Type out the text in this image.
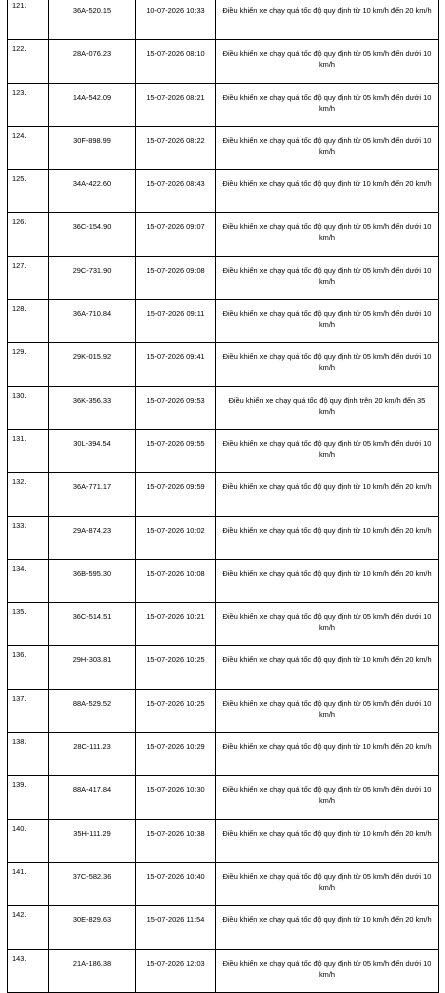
121.	36A-520.15	10-07-2026 10:33	Điều khiển xe chạy quá tốc độ quy định từ 10 km/h đến 20 km/h
122.	28A-076.23	15-07-2026 08:10	Điều khiển xe chạy quá tốc độ quy định từ 05 km/h đến dưới 10 km/h
123.	14A-542.09	15-07-2026 08:21	Điều khiển xe chạy quá tốc độ quy định từ 05 km/h đến dưới 10 km/h
124.	30F-898.99	15-07-2026 08:22	Điều khiển xe chạy quá tốc độ quy định từ 05 km/h đến dưới 10 km/h
125.	34A-422.60	15-07-2026 08:43	Điều khiển xe chạy quá tốc độ quy định từ 10 km/h đến 20 km/h
126.	36C-154.90	15-07-2026 09:07	Điều khiển xe chạy quá tốc độ quy định từ 05 km/h đến dưới 10 km/h
127.	29C-731.90	15-07-2026 09:08	Điều khiển xe chạy quá tốc độ quy định từ 05 km/h đến dưới 10 km/h
128.	36A-710.84	15-07-2026 09:11	Điều khiển xe chạy quá tốc độ quy định từ 05 km/h đến dưới 10 km/h
129.	29K-015.92	15-07-2026 09:41	Điều khiển xe chạy quá tốc độ quy định từ 05 km/h đến dưới 10 km/h
130.	36K-356.33	15-07-2026 09:53	Điều khiển xe chạy quá tốc độ quy định trên 20 km/h đến 35 km/h
131.	30L-394.54	15-07-2026 09:55	Điều khiển xe chạy quá tốc độ quy định từ 05 km/h đến dưới 10 km/h
132.	36A-771.17	15-07-2026 09:59	Điều khiển xe chạy quá tốc độ quy định từ 10 km/h đến 20 km/h
133.	29A-874.23	15-07-2026 10:02	Điều khiển xe chạy quá tốc độ quy định từ 10 km/h đến 20 km/h
134.	36B-595.30	15-07-2026 10:08	Điều khiển xe chạy quá tốc độ quy định từ 10 km/h đến 20 km/h
135.	36C-514.51	15-07-2026 10:21	Điều khiển xe chạy quá tốc độ quy định từ 05 km/h đến dưới 10 km/h
136.	29H-303.81	15-07-2026 10:25	Điều khiển xe chạy quá tốc độ quy định từ 10 km/h đến 20 km/h
137.	88A-529.52	15-07-2026 10:25	Điều khiển xe chạy quá tốc độ quy định từ 05 km/h đến dưới 10 km/h
138.	28C-111.23	15-07-2026 10:29	Điều khiển xe chạy quá tốc độ quy định từ 10 km/h đến 20 km/h
139.	88A-417.84	15-07-2026 10:30	Điều khiển xe chạy quá tốc độ quy định từ 05 km/h đến dưới 10 km/h
140.	35H-111.29	15-07-2026 10:38	Điều khiển xe chạy quá tốc độ quy định từ 10 km/h đến 20 km/h
141.	37C-582.36	15-07-2026 10:40	Điều khiển xe chạy quá tốc độ quy định từ 05 km/h đến dưới 10 km/h
142.	30E-829.63	15-07-2026 11:54	Điều khiển xe chạy quá tốc độ quy định từ 10 km/h đến 20 km/h
143.	21A-186.38	15-07-2026 12:03	Điều khiển xe chạy quá tốc độ quy định từ 05 km/h đến dưới 10 km/h
